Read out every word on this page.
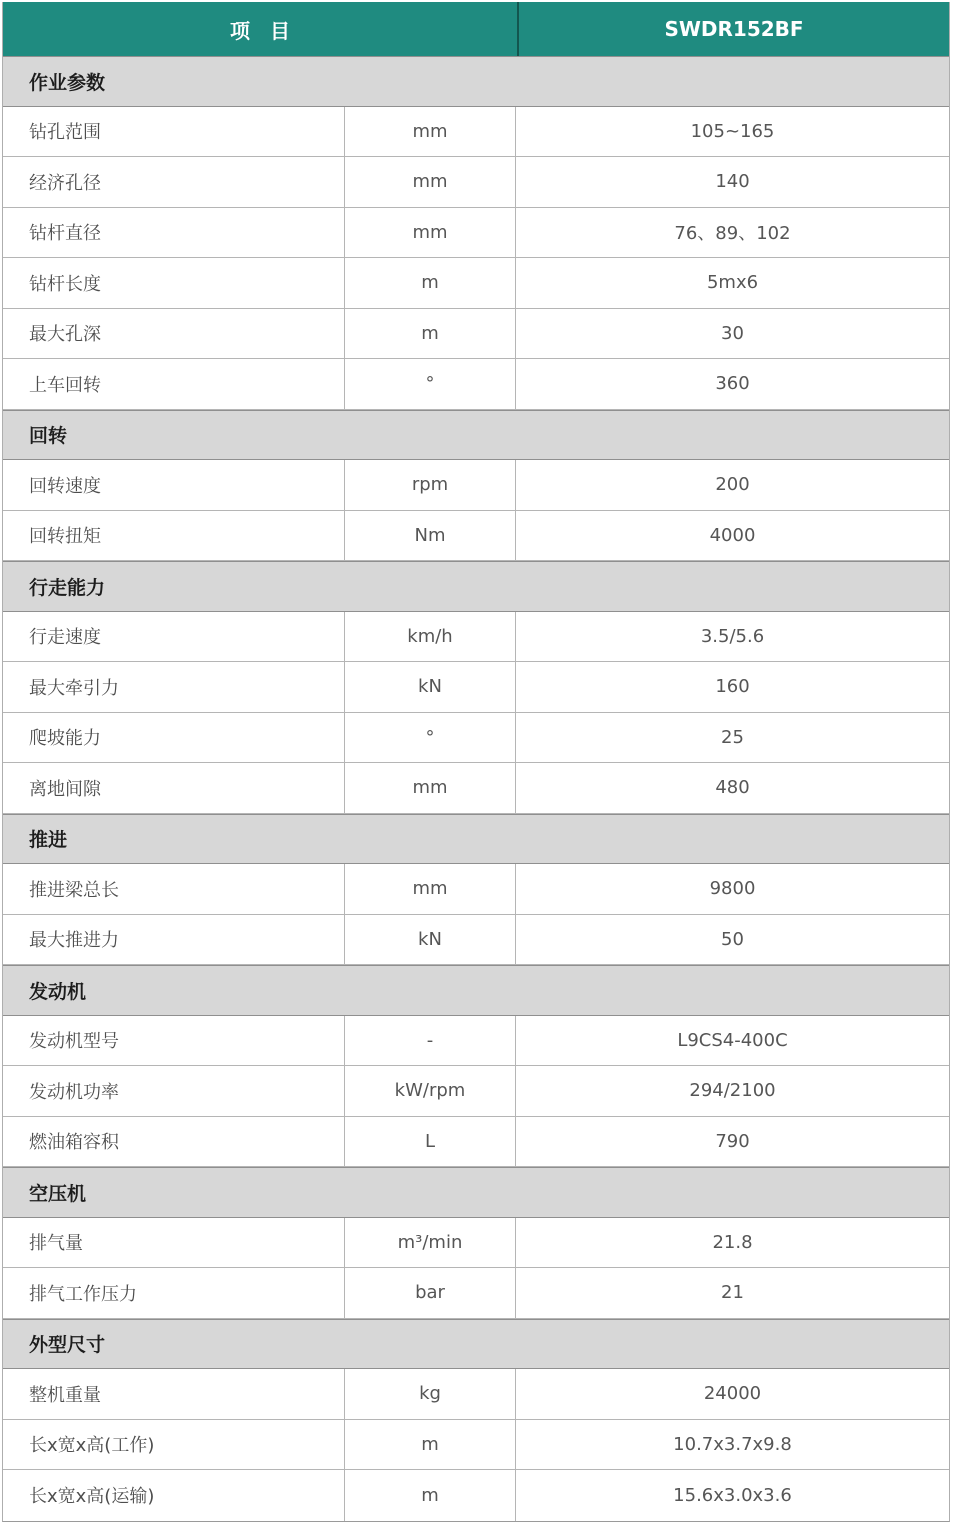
项　目	SWDR152BF
作业参数
钻孔范围	mm	105~165
经济孔径	mm	140
钻杆直径	mm	76、89、102
钻杆长度	m	5mx6
最大孔深	m	30
上车回转	°	360
回转
回转速度	rpm	200
回转扭矩	Nm	4000
行走能力
行走速度	km/h	3.5/5.6
最大牵引力	kN	160
爬坡能力	°	25
离地间隙	mm	480
推进
推进梁总长	mm	9800
最大推进力	kN	50
发动机
发动机型号	-	L9CS4-400C
发动机功率	kW/rpm	294/2100
燃油箱容积	L	790
空压机
排气量	m³/min	21.8
排气工作压力	bar	21
外型尺寸
整机重量	kg	24000
长x宽x高(工作)	m	10.7x3.7x9.8
长x宽x高(运输)	m	15.6x3.0x3.6
